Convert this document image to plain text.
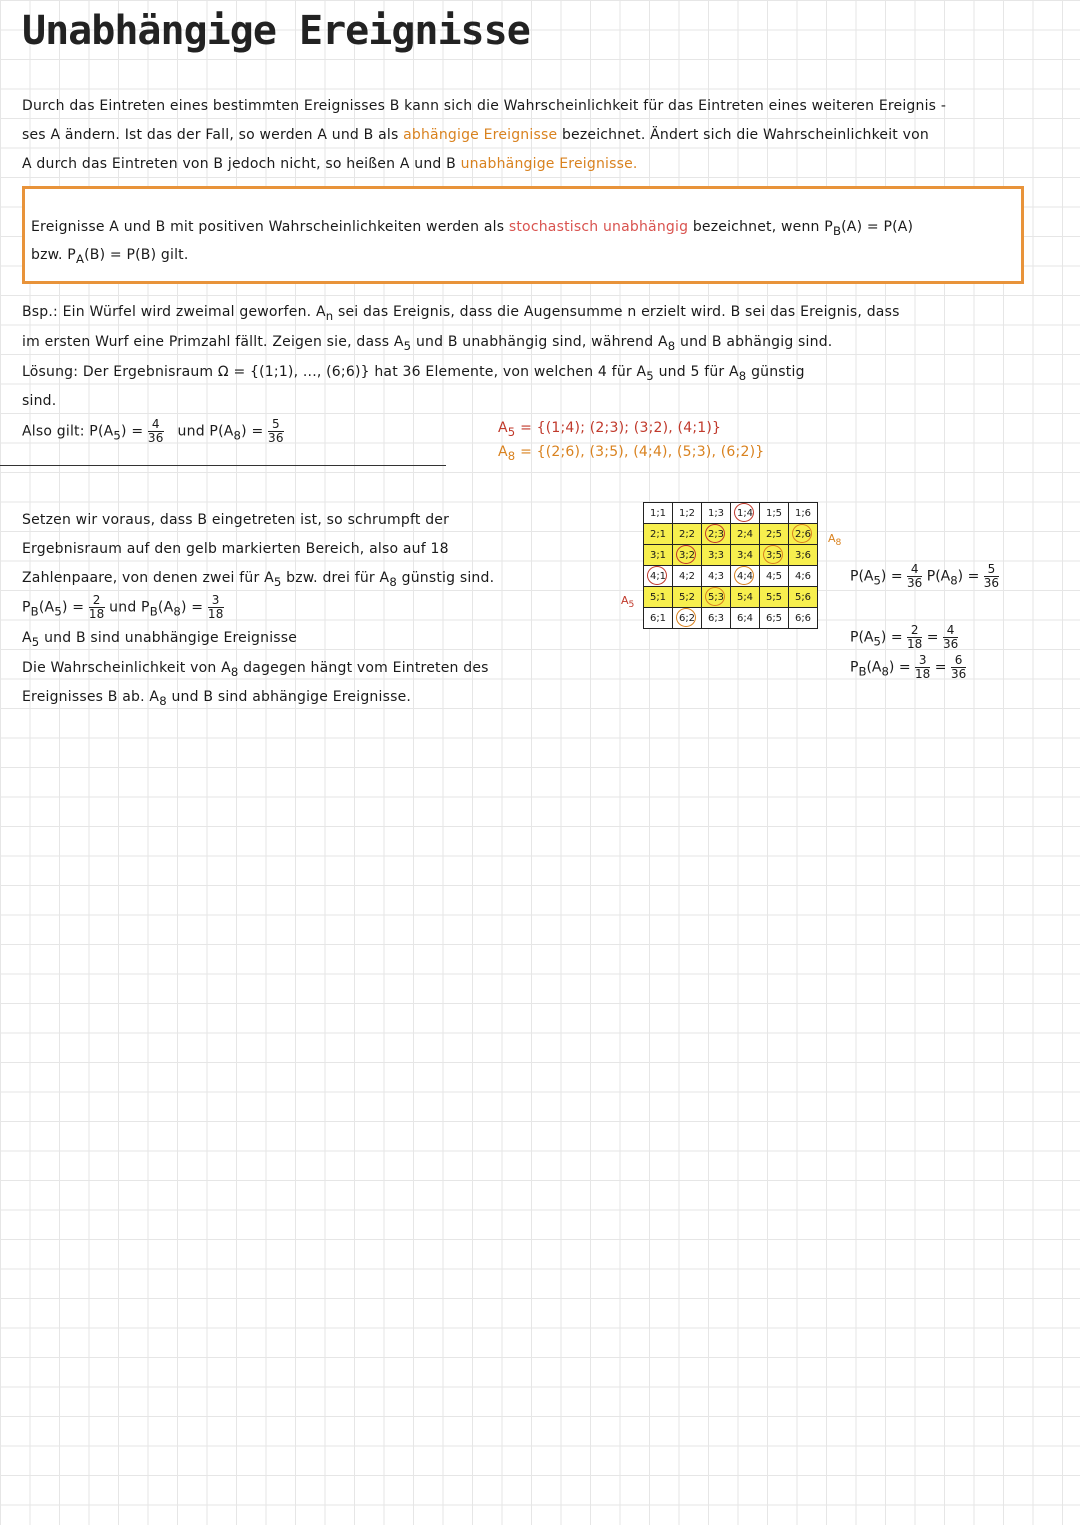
Unabhängige Ereignisse
Durch das Eintreten eines bestimmten Ereignisses B kann sich die Wahrscheinlichkeit für das Eintreten eines weiteren Ereignis -
ses A ändern. Ist das der Fall, so werden A und B als abhängige Ereignisse bezeichnet. Ändert sich die Wahrscheinlichkeit von
A durch das Eintreten von B jedoch nicht, so heißen A und B unabhängige Ereignisse.
Ereignisse A und B mit positiven Wahrscheinlichkeiten werden als stochastisch unabhängig bezeichnet, wenn $P_B(A) = P(A)$
bzw. $P_A(B) = P(B)$ gilt.
Bsp.: Ein Würfel wird zweimal geworfen. $A_n$ sei das Ereignis, dass die Augensumme n erzielt wird. B sei das Ereignis, dass
im ersten Wurf eine Primzahl fällt. Zeigen sie, dass $A_5$ und B unabhängig sind, während $A_8$ und B abhängig sind.
Lösung: Der Ergebnisraum Ω = {(1;1), ..., (6;6)} hat 36 Elemente, von welchen 4 für $A_5$ und 5 für $A_8$ günstig
sind.
Also gilt: $P(A_5) = \frac{4}{36}$ und $P(A_8) = \frac{5}{36}$	$A_5$ = {(1;4); (2;3); (3;2), (4;1)}
$A_8$ = {(2;6), (3;5), (4;4), (5;3), (6;2)}
Setzen wir voraus, dass B eingetreten ist, so schrumpft der
Ergebnisraum auf den gelb markierten Bereich, also auf 18
Zahlenpaare, von denen zwei für $A_5$ bzw. drei für $A_8$ günstig sind.
$P_B(A_5) = \frac{2}{18}$ und $P_B(A_8) = \frac{3}{18}$
$A_5$ und B sind unabhängige Ereignisse
Die Wahrscheinlichkeit von $A_8$ dagegen hängt vom Eintreten des
Ereignisses B ab. $A_8$ und B sind abhängige Ereignisse.
1;1	1;2	1;3	1;4	1;5	1;6
2;1	2;2	2;3	2;4	2;5	2;6

3;1	3;2	3;3	3;4	3;5	3;6
4;1	4;2	4;3	4;4	4;5	4;6
5;1	5;2	5;3	5;4	5;5	5;6
6;1	6;2	6;3	6;4	6;5	6;6
$A_8$
$A_5$
$P(A_5) = \frac{4}{36} P(A_8) = \frac{5}{36}$
$P(A_5) = \frac{2}{18} = \frac{4}{36}$
$P_B(A_8) = \frac{3}{18} = \frac{6}{36}$
